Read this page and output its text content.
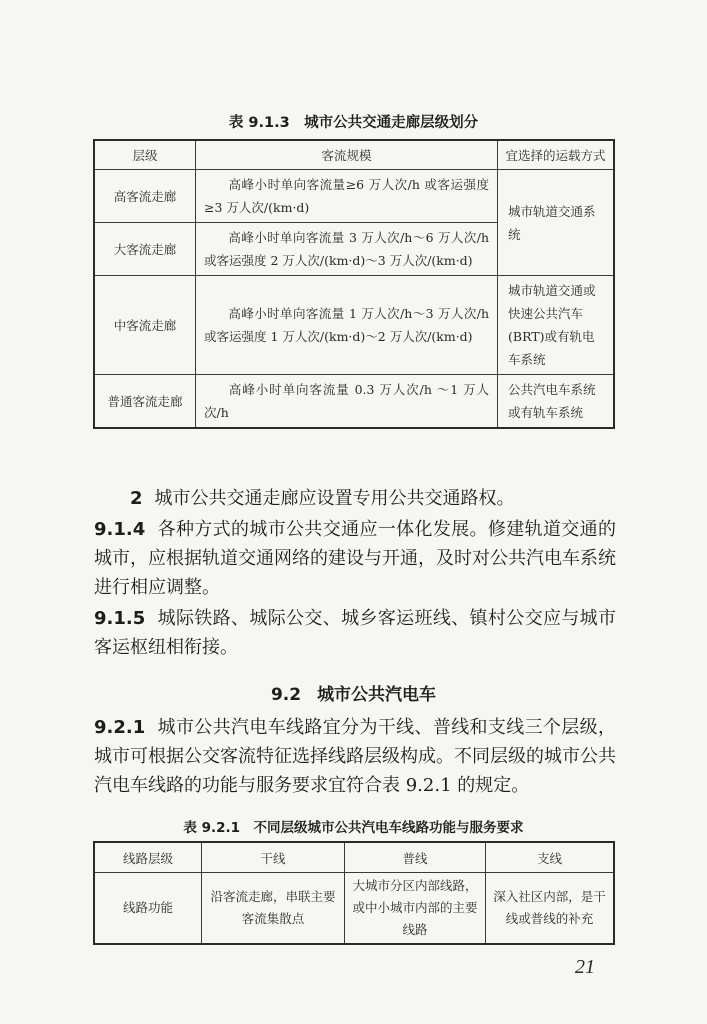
表 9.1.3　城市公共交通走廊层级划分
层级	客流规模	宜选择的运载方式
高客流走廊	高峰小时单向客流量≥6 万人次/h 或客运强度≥3 万人次/(km·d)	城市轨道交通系统
大客流走廊	高峰小时单向客流量 3 万人次/h～6 万人次/h 或客运强度 2 万人次/(km·d)～3 万人次/(km·d)	
中客流走廊	高峰小时单向客流量 1 万人次/h～3 万人次/h 或客运强度 1 万人次/(km·d)～2 万人次/(km·d)	城市轨道交通或快速公共汽车(BRT)或有轨电车系统
普通客流走廊	高峰小时单向客流量 0.3 万人次/h ～1 万人次/h	公共汽电车系统或有轨车系统
2 城市公共交通走廊应设置专用公共交通路权。
9.1.4 各种方式的城市公共交通应一体化发展。修建轨道交通的城市，应根据轨道交通网络的建设与开通，及时对公共汽电车系统进行相应调整。
9.1.5 城际铁路、城际公交、城乡客运班线、镇村公交应与城市客运枢纽相衔接。
9.2 城市公共汽电车
9.2.1 城市公共汽电车线路宜分为干线、普线和支线三个层级，城市可根据公交客流特征选择线路层级构成。不同层级的城市公共汽电车线路的功能与服务要求宜符合表 9.2.1 的规定。
表 9.2.1　不同层级城市公共汽电车线路功能与服务要求
线路层级	干线	普线	支线
线路功能	沿客流走廊，串联主要客流集散点	大城市分区内部线路，或中小城市内部的主要线路	深入社区内部，是干线或普线的补充
21
